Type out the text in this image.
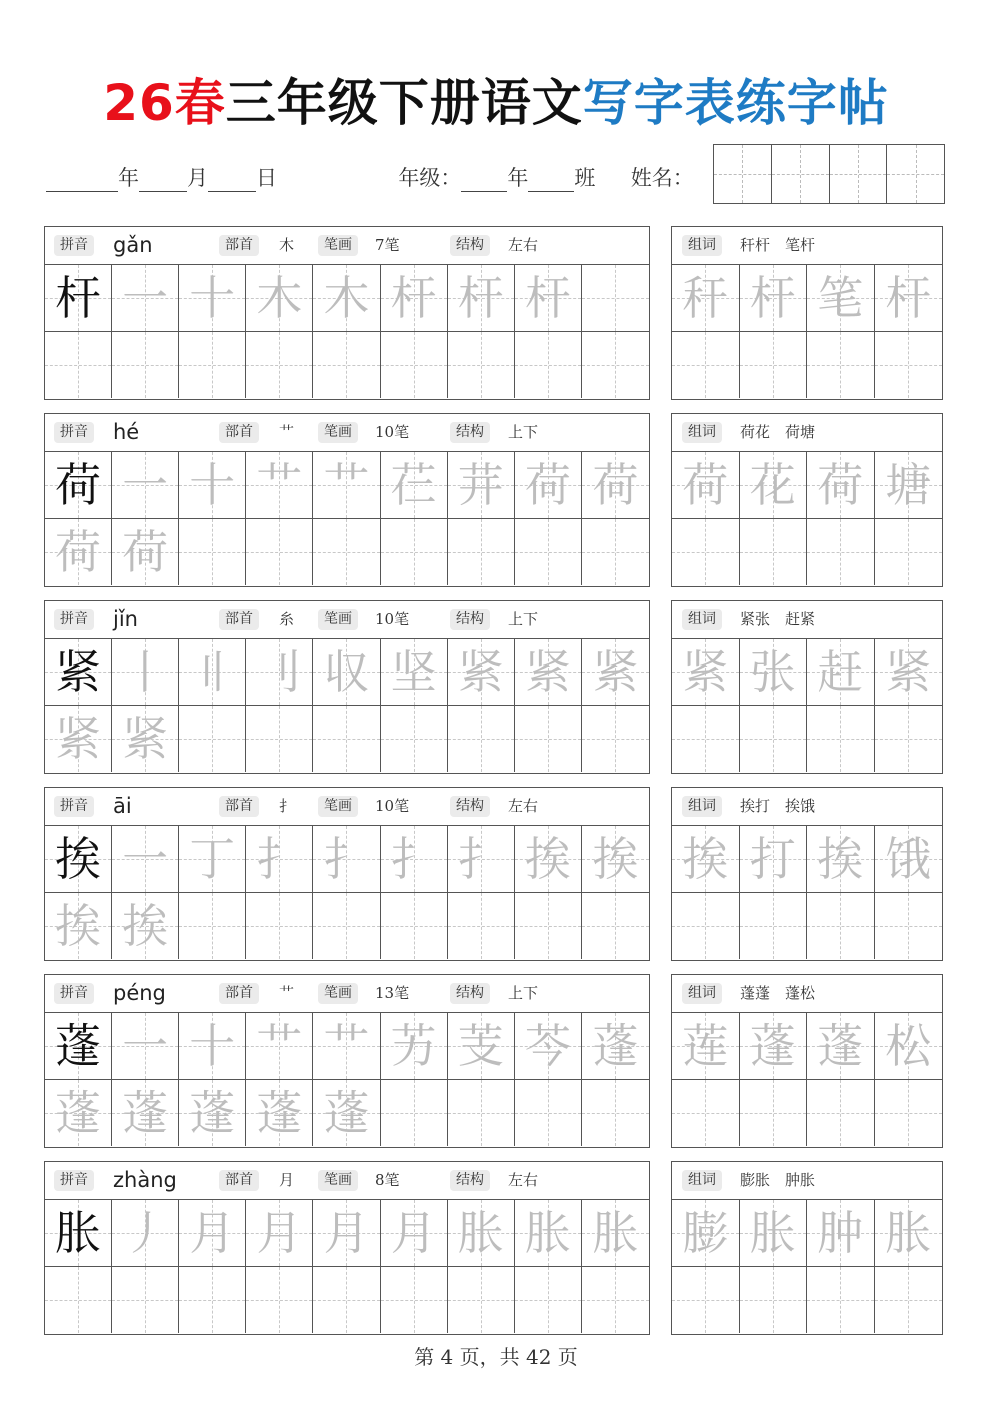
26春三年级下册语文写字表练字帖
年 月 日	年级： 年 班 姓名：
拼音 gǎn	部首	木	笔画	7笔	结构	左右
杆 一 十 木 木 杆 杆 杆
组词	秆杆　笔杆
秆 杆 笔 杆
拼音 hé	部首	艹	笔画	10笔	结构	上下
荷 一 十 艹 艹 芢 茾 荷 荷
荷 荷
组词	荷花　荷塘
荷 花 荷 塘
拼音 jǐn	部首	糸	笔画	10笔	结构	上下
紧 丨 〢 刂 収 坚 紧 紧 紧
紧 紧
组词	紧张　赶紧
紧 张 赶 紧
拼音 āi	部首	扌	笔画	10笔	结构	左右
挨 一 丁 扌 扌 扌 扌 挨 挨
挨 挨
组词	挨打　挨饿
挨 打 挨 饿
拼音 péng	部首	艹	笔画	13笔	结构	上下
蓬 一 十 艹 艹 艻 芰 芩 蓬
蓬 蓬 蓬 蓬 蓬
组词	蓬蓬　蓬松
莲 蓬 蓬 松
拼音 zhàng	部首	月	笔画	8笔	结构	左右
胀 丿 月 月 月 月 胀 胀 胀
组词	膨胀　肿胀
膨 胀 肿 胀
第 4 页，共 42 页
